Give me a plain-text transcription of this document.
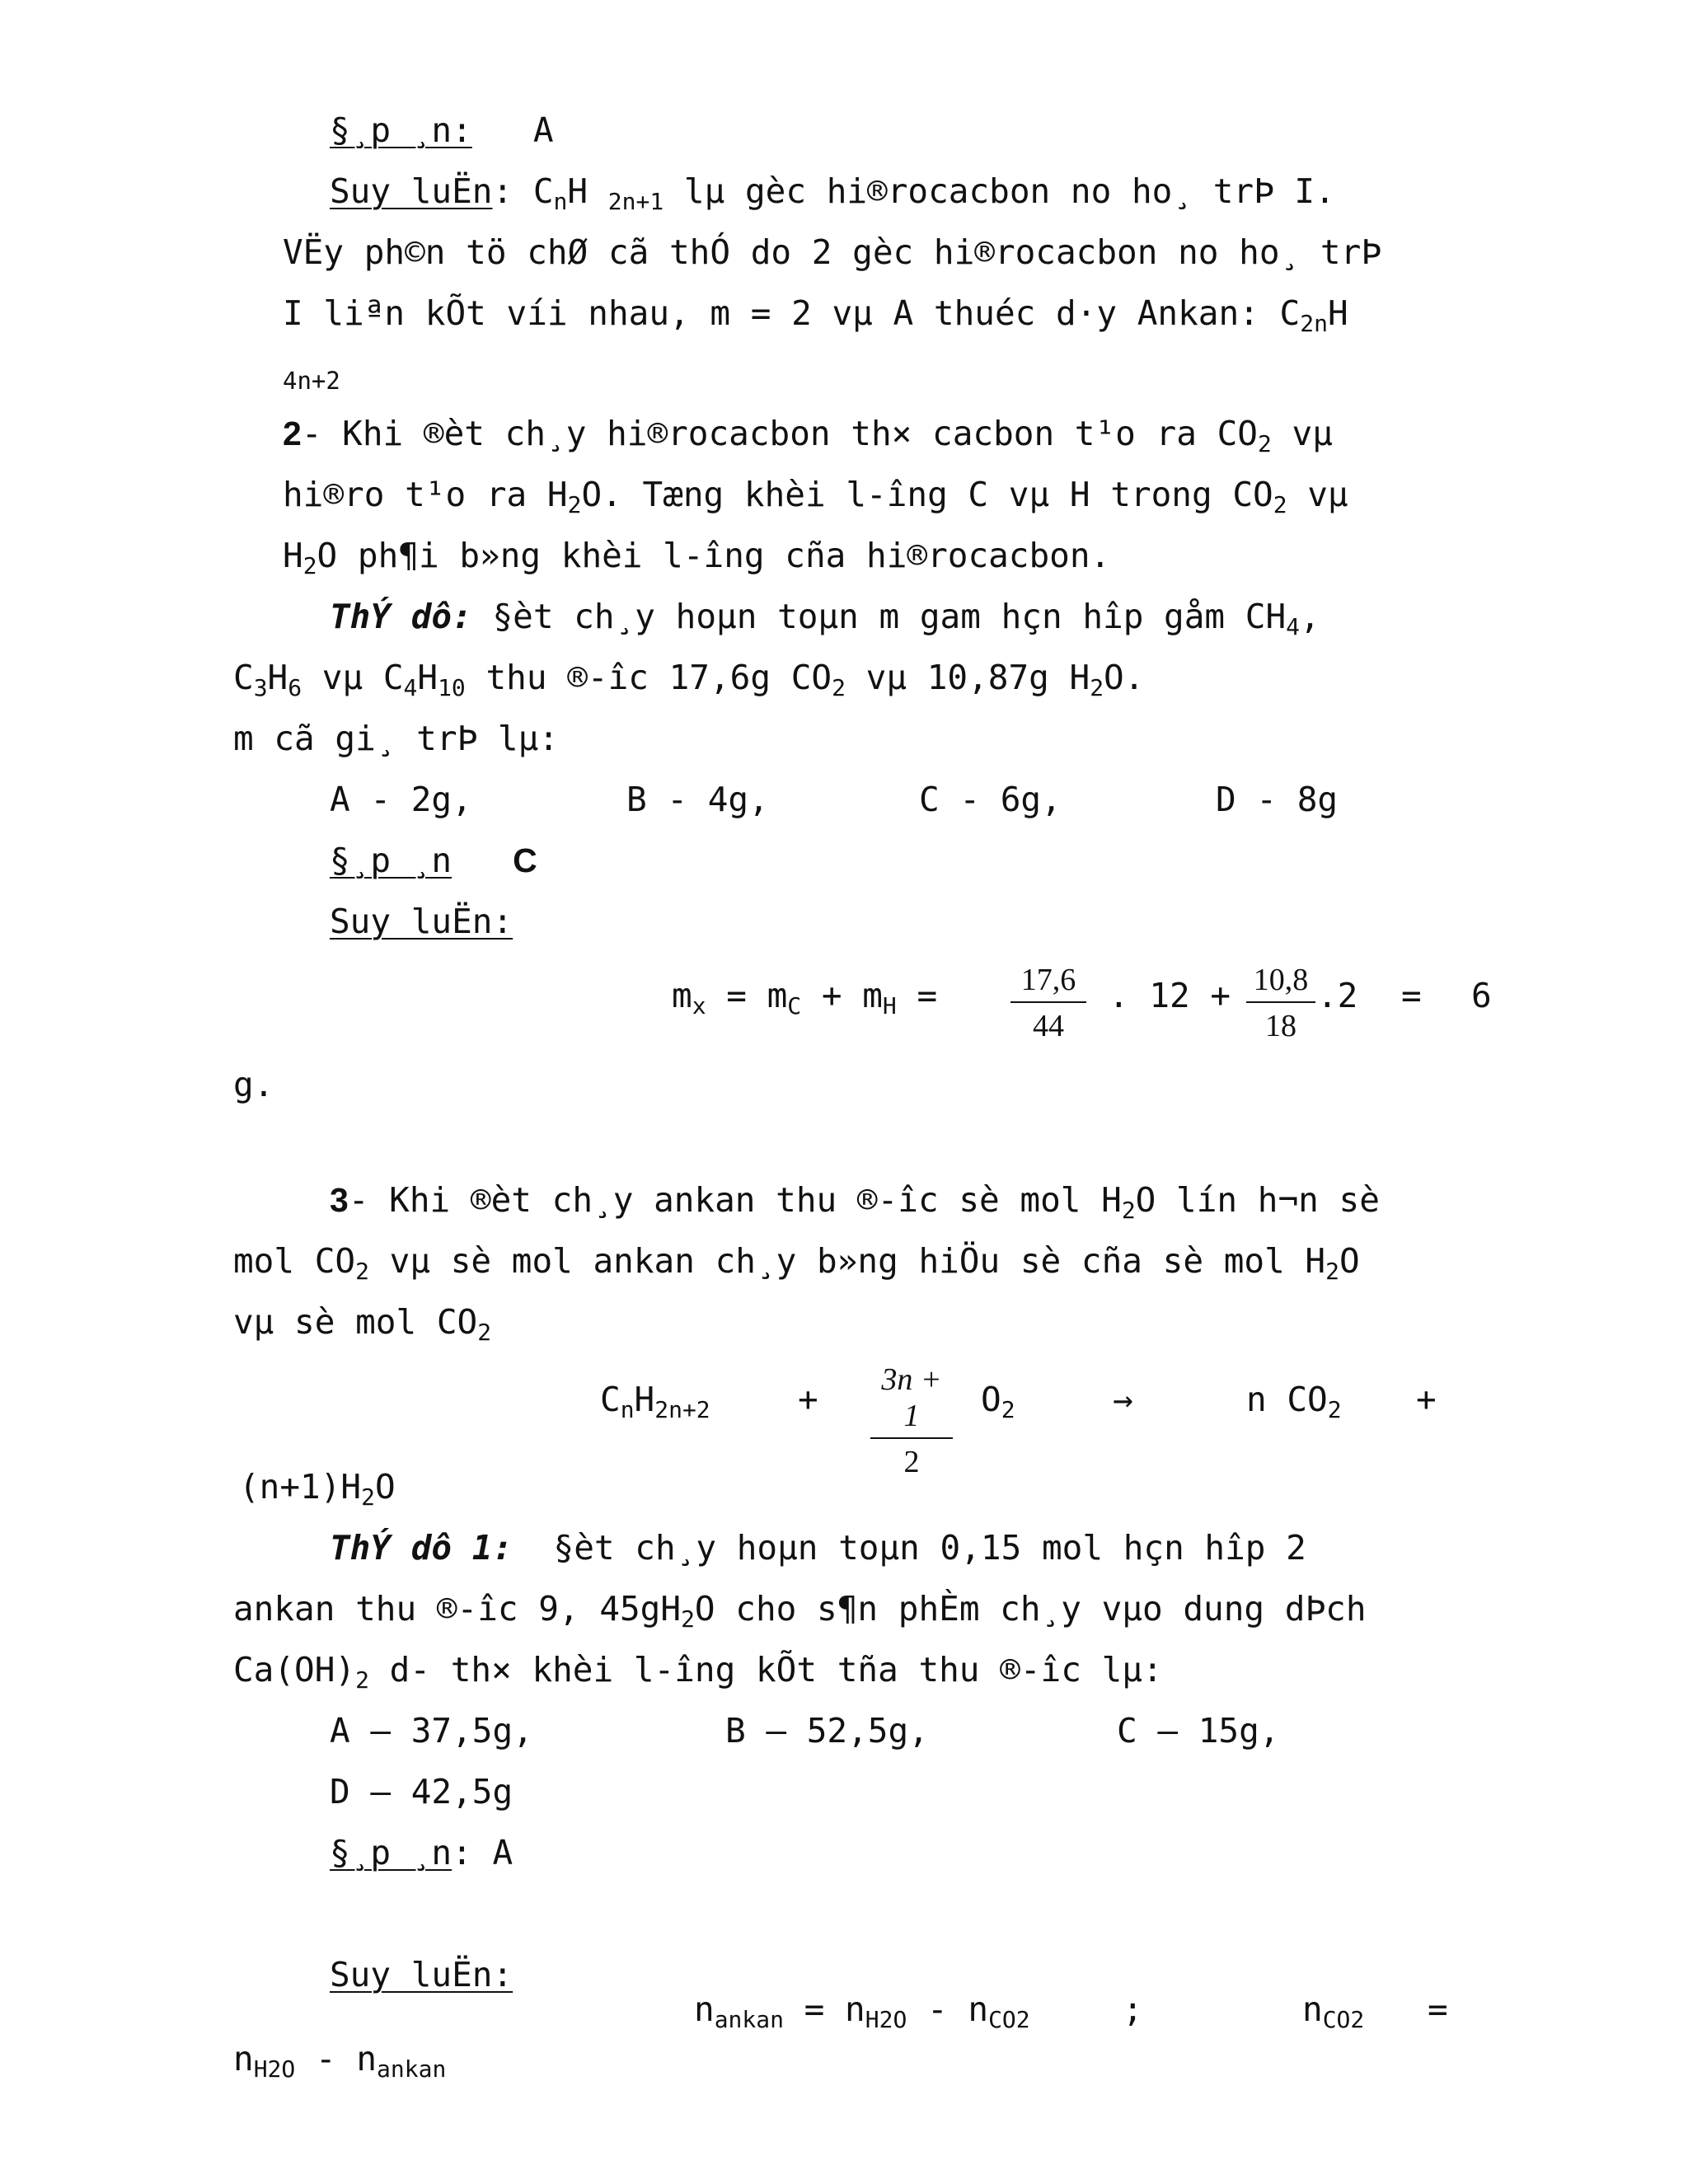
§¸p ¸n: A
Suy luËn: $C_nH$ $_{2n+1}$ lµ gèc hi®rocacbon no ho¸ trÞ I.
VËy ph©n tö chØ cã thÓ do 2 gèc hi®rocacbon no ho¸ trÞ
I liªn kÕt víi nhau, m = 2 vµ A thuéc d·y Ankan: $C_{2n}H$
4n+2
2- Khi ®èt ch¸y hi®rocacbon th× cacbon t¹o ra $CO_2$ vµ
hi®ro t¹o ra $H_2O$. Tæng khèi l-îng C vµ H trong $CO_2$ vµ
$H_2O$ ph¶i b»ng khèi l-îng cña hi®rocacbon.
ThÝ dô: §èt ch¸y hoµn toµn m gam hçn hîp gåm $CH_4$,
$C_3H_6$ vµ $C_4H_{10}$ thu ®-îc 17,6g $CO_2$ vµ 10,87g $H_2O$.
m cã gi¸ trÞ lµ:
A - 2g,	B - 4g,	C - 6g,	D - 8g
§¸p ¸n C
Suy luËn:
$m_x = m_C + m_H$ =	17,6
44
. 12 + 10,8
18
.2 = 6
g.
3- Khi ®èt ch¸y ankan thu ®-îc sè mol $H_2O$ lín h¬n sè
mol $CO_2$ vµ sè mol ankan ch¸y b»ng hiÖu sè cña sè mol $H_2O$
vµ sè mol $CO_2$
$C_nH_{2n+2}$	+	3n + 1
2
$O_2$	→	n $CO_2$ +
$(n+1)H_2O$
ThÝ dô 1:  §èt ch¸y hoµn toµn 0,15 mol hçn hîp 2
ankan thu ®-îc 9, $45gH_2O$ cho s¶n phÈm ch¸y vµo dung dÞch
$Ca(OH)_2$ d- th× khèi l-îng kÕt tña thu ®-îc lµ:
A – 37,5g,	B – 52,5g,	C – 15g,
D – 42,5g
§¸p ¸n: A
Suy luËn:
$n_{ankan} = n_{H2O} - n_{CO2}$	;	$n_{CO2}$ =
$n_{H2O} - n_{ankan}$
